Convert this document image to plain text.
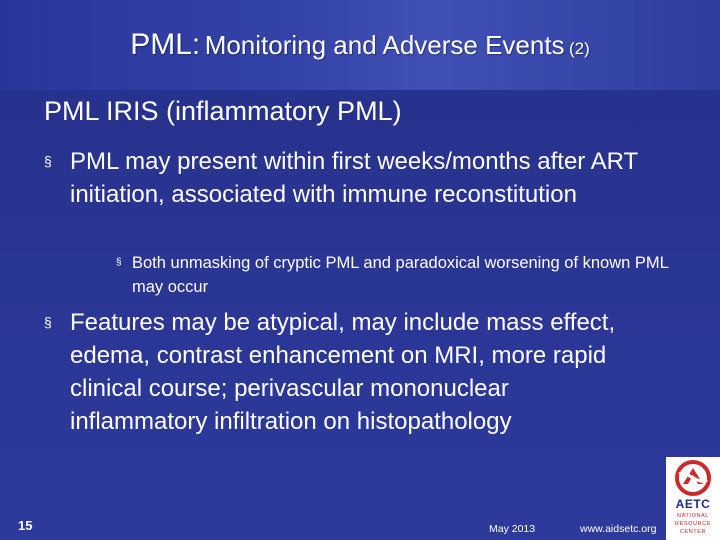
PML: Monitoring and Adverse Events (2)
PML IRIS (inflammatory PML)
§ PML may present within first weeks/months after ART initiation, associated with immune reconstitution
§ Both unmasking of cryptic PML and paradoxical worsening of known PML may occur
§ Features may be atypical, may include mass effect, edema, contrast enhancement on MRI, more rapid clinical course; perivascular mononuclear inflammatory infiltration on histopathology
15	May 2013	www.aidsetc.org
AETC
NATIONAL
RESOURCE
CENTER
